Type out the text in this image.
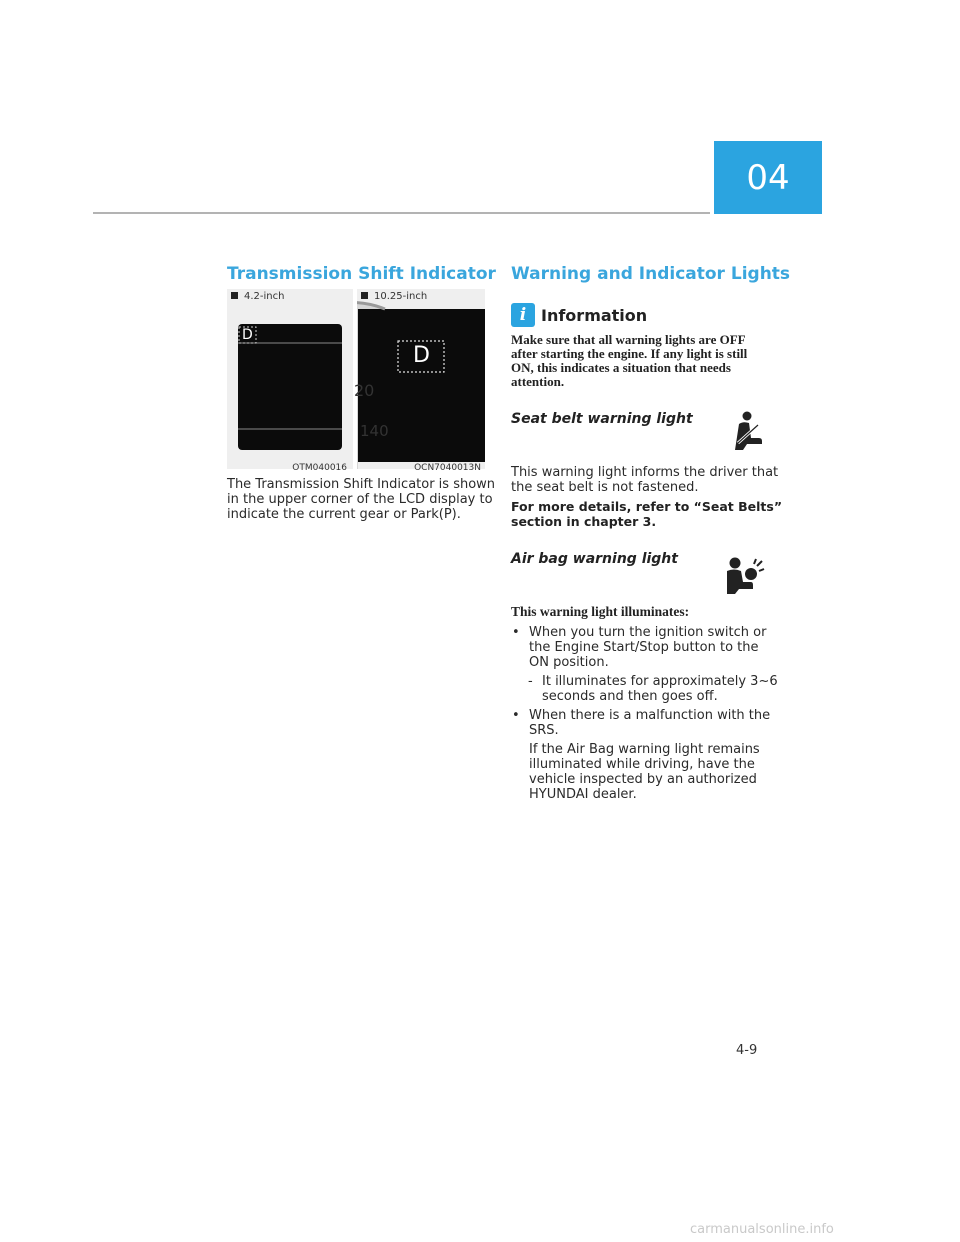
04
Transmission Shift Indicator
4.2-inch
D
OTM040016
10.25-inch
D
20
140
OCN7040013N
The Transmission Shift Indicator is shown
in the upper corner of the LCD display to
indicate the current gear or Park(P).
Warning and Indicator Lights
i Information
Make sure that all warning lights are OFF
after starting the engine. If any light is still
ON, this indicates a situation that needs
attention.
Seat belt warning light
This warning light informs the driver that
the seat belt is not fastened.
For more details, refer to “Seat Belts”
section in chapter 3.
Air bag warning light
This warning light illuminates:
• When you turn the ignition switch or
the Engine Start/Stop button to the
ON position.
- It illuminates for approximately 3~6
seconds and then goes off.
• When there is a malfunction with the
SRS.
If the Air Bag warning light remains
illuminated while driving, have the
vehicle inspected by an authorized
HYUNDAI dealer.
4-9
carmanualsonline.info
